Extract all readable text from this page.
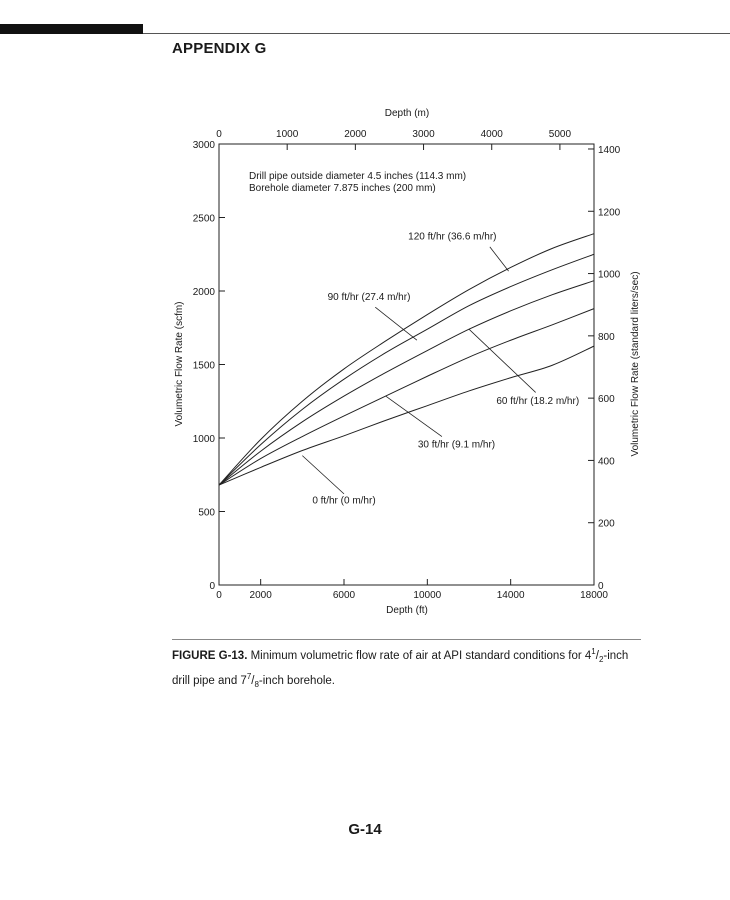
APPENDIX G
0	2000	6000	10000	14000	18000
0
500
1000
1500
2000
2500
3000
0	1000	2000	3000	4000	5000
0
200
400
600
800
1000
1200
1400
120 ft/hr (36.6 m/hr)
90 ft/hr (27.4 m/hr)
60 ft/hr (18.2 m/hr)
30 ft/hr (9.1 m/hr)
0 ft/hr (0 m/hr)
Drill pipe outside diameter 4.5 inches (114.3 mm)
Borehole diameter 7.875 inches (200 mm)
Depth (ft)
Depth (m)
Volumetric Flow Rate (scfm)	Volumetric Flow Rate (standard liters/sec)
FIGURE G-13. Minimum volumetric flow rate of air at API standard conditions for $4^1/_2$-inch drill pipe and $7^7/_8$-inch borehole.
G-14
